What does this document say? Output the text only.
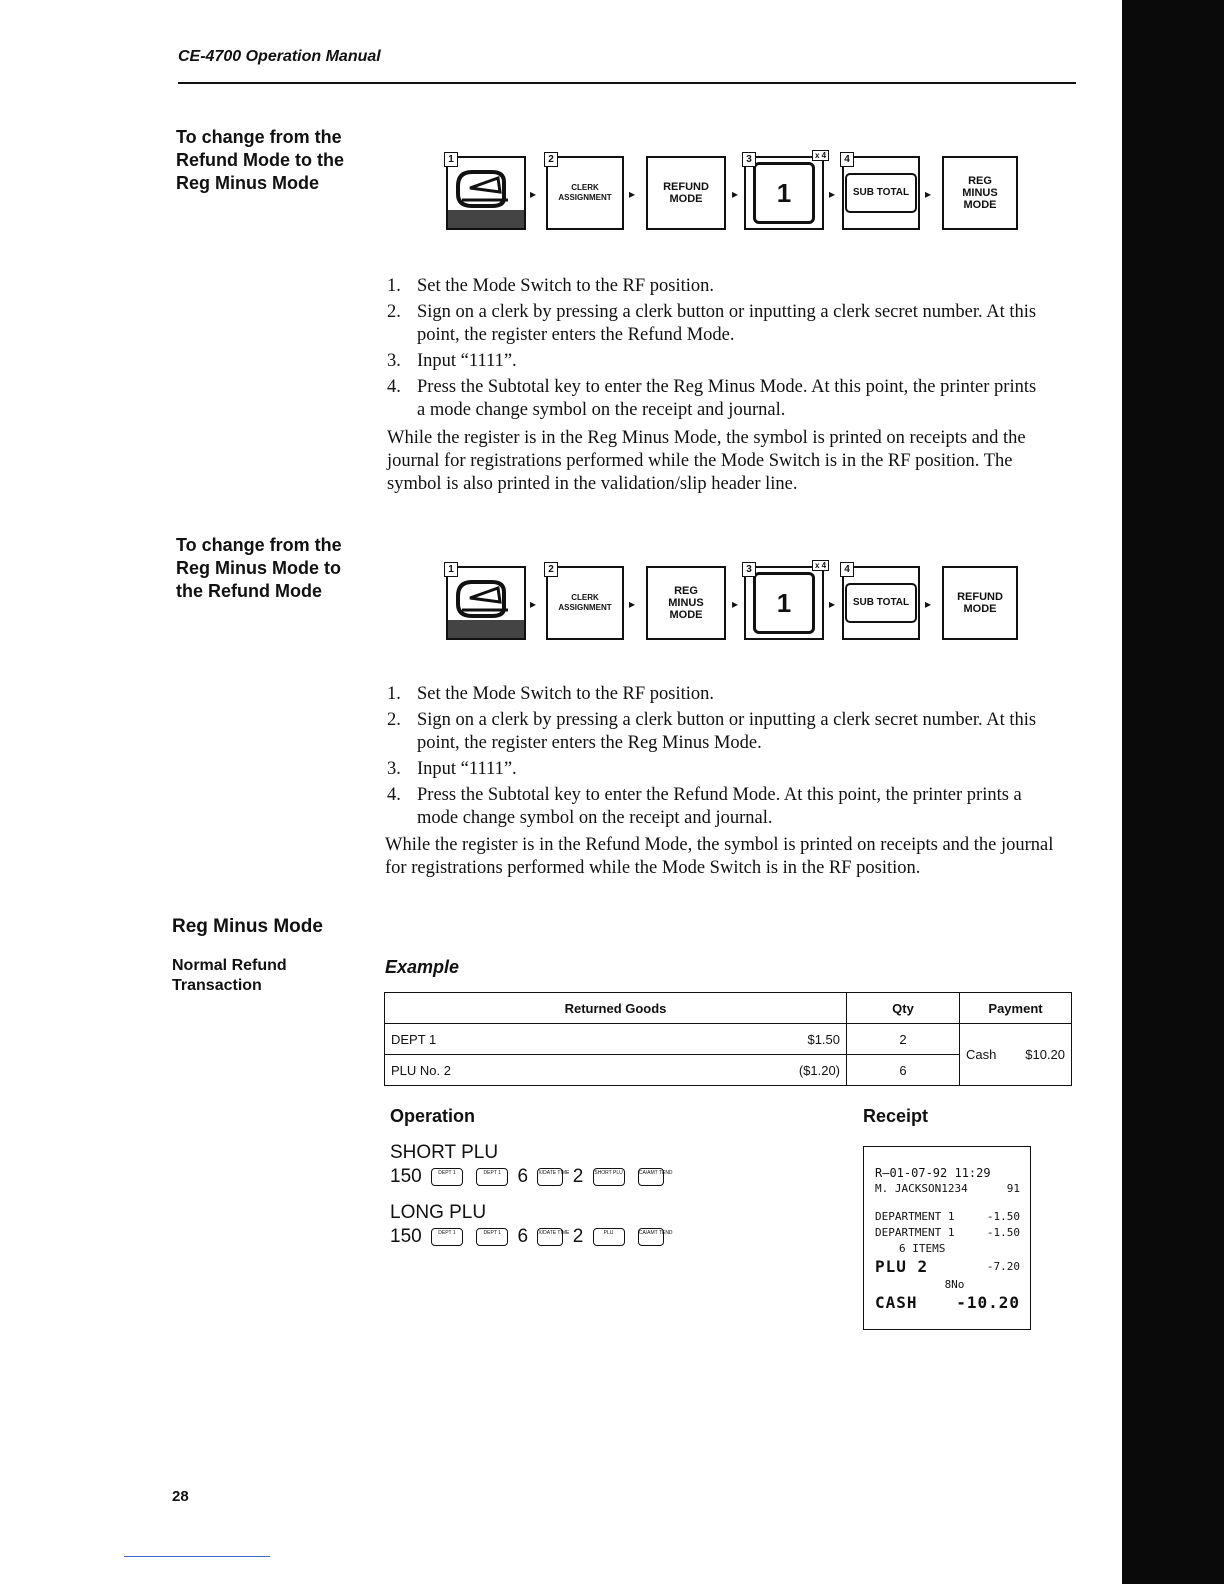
CE-4700 Operation Manual
To change from the
Refund Mode to the
Reg Minus Mode
1
▸	CLERK
ASSIGNMENT
2
▸	REFUND
MODE	▸	1
3	x 4
▸	SUB TOTAL
4
▸
REG
MINUS
MODE
1. Set the Mode Switch to the RF position.
2. Sign on a clerk by pressing a clerk button or inputting a clerk secret number. At this point, the register enters the Refund Mode.
3. Input “1111”.
4. Press the Subtotal key to enter the Reg Minus Mode. At this point, the printer prints a mode change symbol on the receipt and journal.
While the register is in the Reg Minus Mode, the symbol is printed on receipts and the journal for registrations performed while the Mode Switch is in the RF position. The symbol is also printed in the validation/slip header line.
To change from the
Reg Minus Mode to
the Refund Mode
1
▸	CLERK
ASSIGNMENT
2
▸
REG
MINUS
MODE
▸	1
3	x 4
▸	SUB TOTAL
4
▸	REFUND
MODE
1. Set the Mode Switch to the RF position.
2. Sign on a clerk by pressing a clerk button or inputting a clerk secret number. At this point, the register enters the Reg Minus Mode.
3. Input “1111”.
4. Press the Subtotal key to enter the Refund Mode. At this point, the printer prints a mode change symbol on the receipt and journal.
While the register is in the Refund Mode, the symbol is printed on receipts and the journal for registrations performed while the Mode Switch is in the RF position.
Reg Minus Mode
Normal Refund
Transaction
Example
Returned Goods		Qty	Payment
DEPT 1	$1.50	2	Cash $10.20

PLU No. 2	($1.20)	6	
Operation	Receipt
SHORT PLU
150	DEPT 1
	DEPT 1 6 X/DATE TIME 2 SHORT PLU
	CA/AMT TEND
LONG PLU
150	DEPT 1
	DEPT 1 6 X/DATE TIME 2	PLU
	CA/AMT TEND
R—01-07-92 11:29
M. JACKSON1234	91
DEPARTMENT 1	-1.50
DEPARTMENT 1	-1.50
6 ITEMS
PLU 2	-7.20
8No
CASH -10.20
28
